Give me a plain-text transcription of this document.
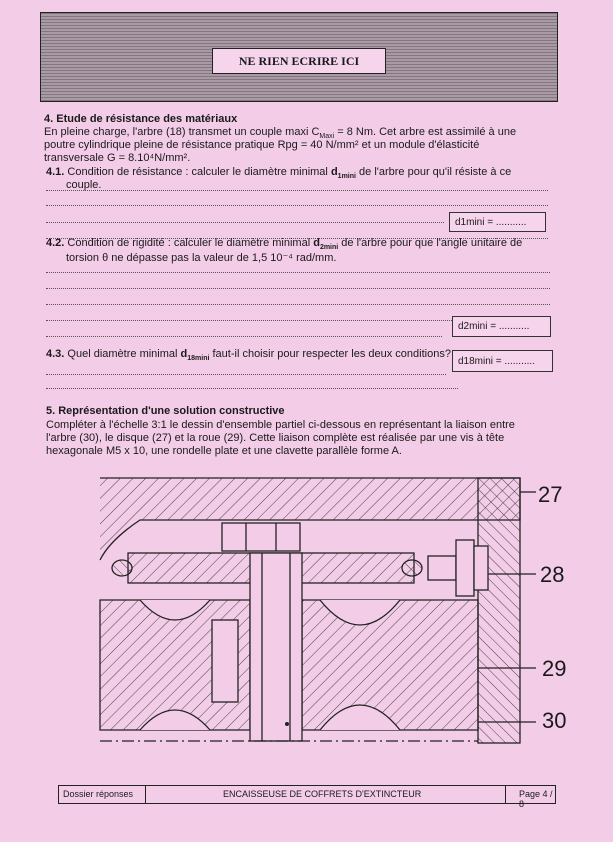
NE RIEN ECRIRE ICI
4. Etude de résistance des matériaux
En pleine charge, l'arbre (18) transmet un couple maxi $C_{Maxi} = 8$ Nm. Cet arbre est assimilé à une
poutre cylindrique pleine de résistance pratique Rpg = 40 N/mm² et un module d'élasticité
transversale G = 8.10⁴N/mm².
4.1. Condition de résistance : calculer le diamètre minimal $d_{1mini}$ de l'arbre pour qu'il résiste à ce
couple.
d1mini = ...........
4.2. Condition de rigidité : calculer le diamètre minimal $d_{2mini}$ de l'arbre pour que l'angle unitaire de
torsion θ ne dépasse pas la valeur de 1,5 10⁻⁴ rad/mm.
d2mini = ...........
4.3. Quel diamètre minimal $d_{18mini}$ faut-il choisir pour respecter les deux conditions?
d18mini = ...........
5. Représentation d'une solution constructive
Compléter à l'échelle 3:1 le dessin d'ensemble partiel ci-dessous en représentant la liaison entre
l'arbre (30), le disque (27) et la roue (29). Cette liaison complète est réalisée par une vis à tête
hexagonale M5 x 10, une rondelle plate et une clavette parallèle forme A.
27
28
29
30
Dossier réponses	ENCAISSEUSE DE COFFRETS D'EXTINCTEUR	Page 4 / 8
